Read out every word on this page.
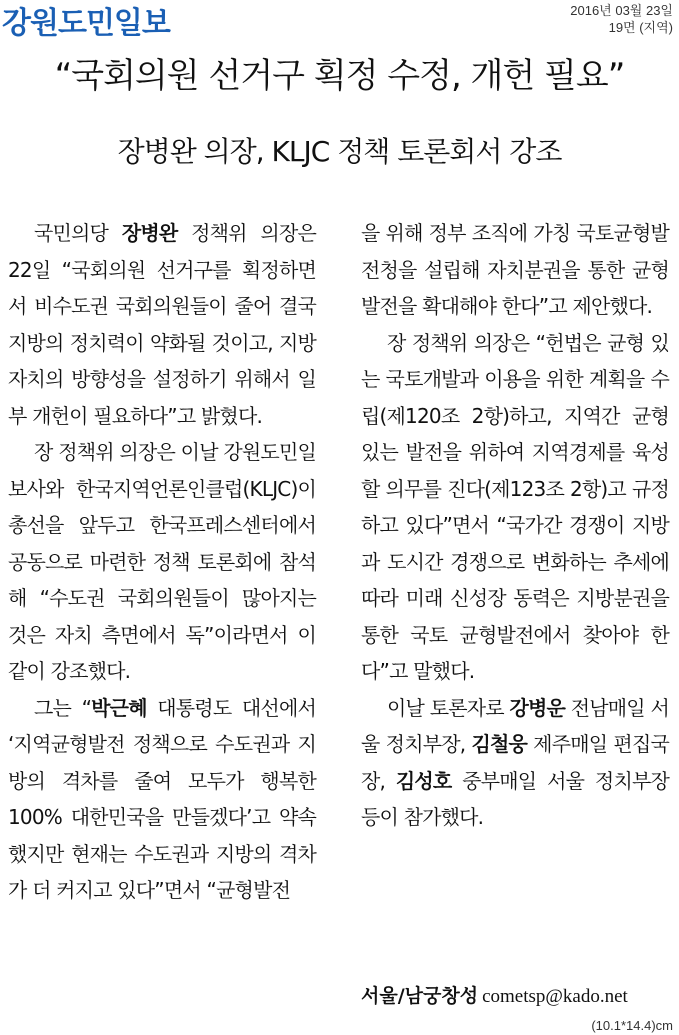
강원도민일보	2016년 03월 23일
19면 (지역)
“국회의원 선거구 획정 수정, 개헌 필요”
장병완 의장, KLJC 정책 토론회서 강조

국민의당 장병완 정책위 의장은 22일 “국회의원 선거구를 획정하면서 비수도권 국회의원들이 줄어 결국 지방의 정치력이 약화될 것이고, 지방자치의 방향성을 설정하기 위해서 일부 개헌이 필요하다”고 밝혔다.

장 정책위 의장은 이날 강원도민일보사와 한국지역언론인클럽(KLJC)이 총선을 앞두고 한국프레스센터에서 공동으로 마련한 정책 토론회에 참석해 “수도권 국회의원들이 많아지는 것은 자치 측면에서 독”이라면서 이같이 강조했다.

그는 “박근혜 대통령도 대선에서 ‘지역균형발전 정책으로 수도권과 지방의 격차를 줄여 모두가 행복한 100% 대한민국을 만들겠다’고 약속했지만 현재는 수도권과 지방의 격차가 더 커지고 있다”면서 “균형발전

을 위해 정부 조직에 가칭 국토균형발전청을 설립해 자치분권을 통한 균형발전을 확대해야 한다”고 제안했다.

장 정책위 의장은 “헌법은 균형 있는 국토개발과 이용을 위한 계획을 수립(제120조 2항)하고, 지역간 균형 있는 발전을 위하여 지역경제를 육성할 의무를 진다(제123조 2항)고 규정하고 있다”면서 “국가간 경쟁이 지방과 도시간 경쟁으로 변화하는 추세에 따라 미래 신성장 동력은 지방분권을 통한 국토 균형발전에서 찾아야 한다”고 말했다.

이날 토론자로 강병운 전남매일 서울 정치부장, 김철웅 제주매일 편집국장, 김성호 중부매일 서울 정치부장 등이 참가했다.

서울/남궁창성 cometsp@kado.net
(10.1*14.4)cm
